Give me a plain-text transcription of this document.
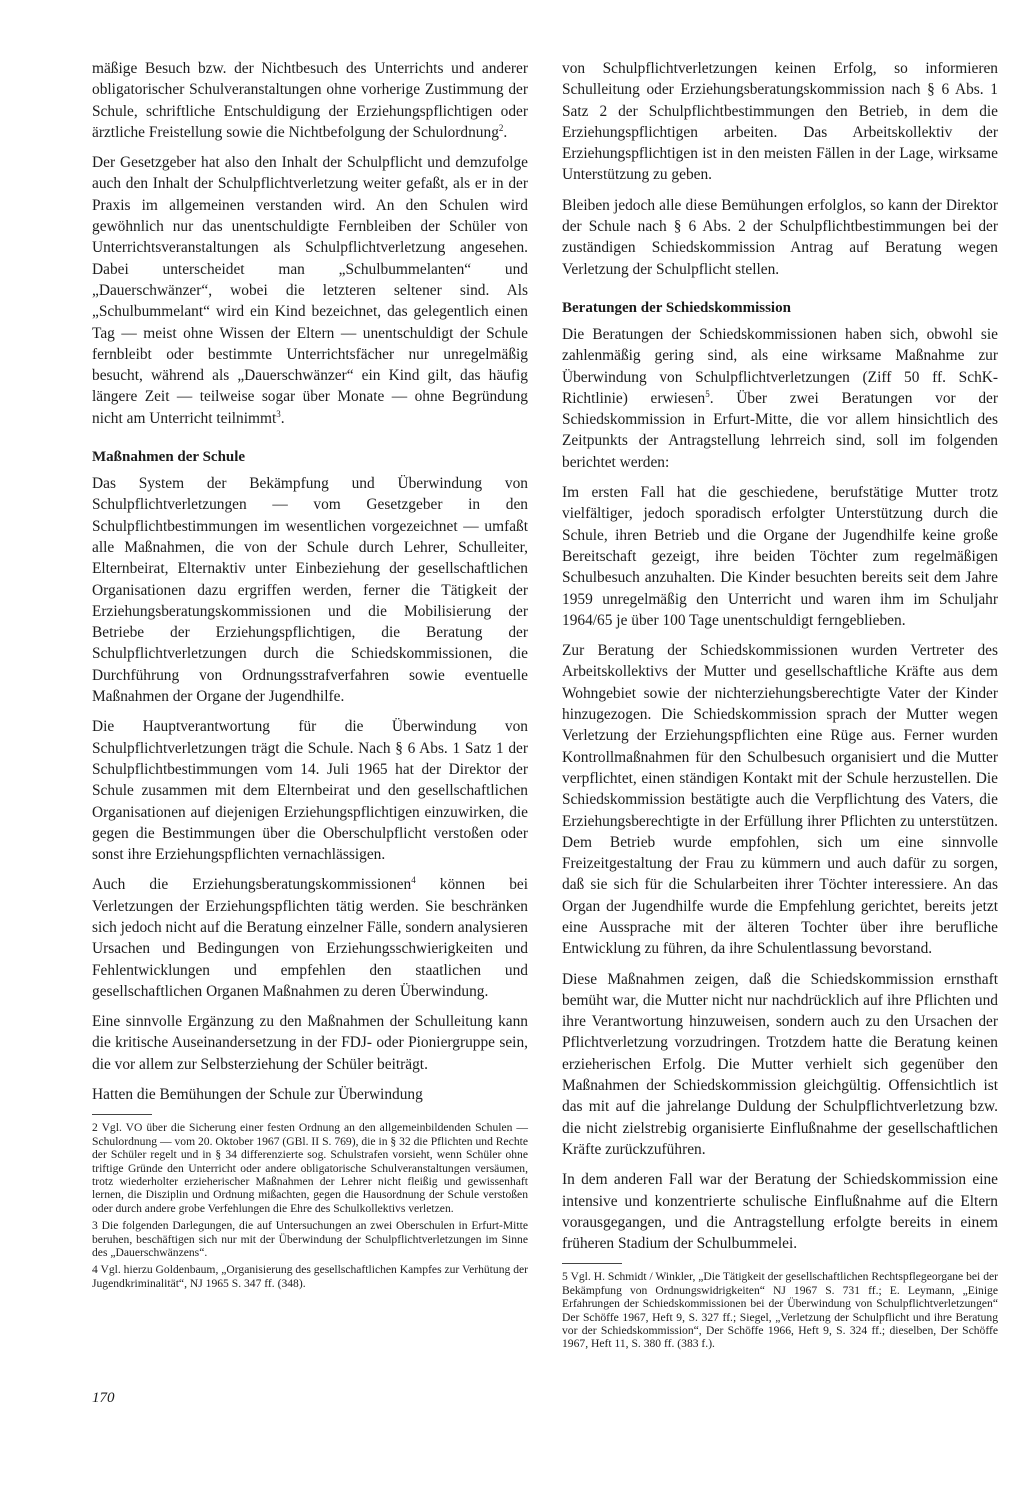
mäßige Besuch bzw. der Nichtbesuch des Unterrichts und anderer obligatorischer Schulveranstaltungen ohne vorherige Zustimmung der Schule, schriftliche Entschuldigung der Erziehungspflichtigen oder ärztliche Freistellung sowie die Nichtbefolgung der Schulordnung$^2$.

Der Gesetzgeber hat also den Inhalt der Schulpflicht und demzufolge auch den Inhalt der Schulpflichtverletzung weiter gefaßt, als er in der Praxis im allgemeinen verstanden wird. An den Schulen wird gewöhnlich nur das unentschuldigte Fernbleiben der Schüler von Unterrichtsveranstaltungen als Schulpflichtverletzung angesehen. Dabei unterscheidet man „Schulbummelanten“ und „Dauerschwänzer“, wobei die letzteren seltener sind. Als „Schulbummelant“ wird ein Kind bezeichnet, das gelegentlich einen Tag — meist ohne Wissen der Eltern — unentschuldigt der Schule fernbleibt oder bestimmte Unterrichtsfächer nur unregelmäßig besucht, während als „Dauerschwänzer“ ein Kind gilt, das häufig längere Zeit — teilweise sogar über Monate — ohne Begründung nicht am Unterricht teilnimmt$^3$.

Maßnahmen der Schule

Das System der Bekämpfung und Überwindung von Schulpflichtverletzungen — vom Gesetzgeber in den Schulpflichtbestimmungen im wesentlichen vorgezeichnet — umfaßt alle Maßnahmen, die von der Schule durch Lehrer, Schulleiter, Elternbeirat, Elternaktiv unter Einbeziehung der gesellschaftlichen Organisationen dazu ergriffen werden, ferner die Tätigkeit der Erziehungsberatungskommissionen und die Mobilisierung der Betriebe der Erziehungspflichtigen, die Beratung der Schulpflichtverletzungen durch die Schiedskommissionen, die Durchführung von Ordnungsstrafverfahren sowie eventuelle Maßnahmen der Organe der Jugendhilfe.

Die Hauptverantwortung für die Überwindung von Schulpflichtverletzungen trägt die Schule. Nach § 6 Abs. 1 Satz 1 der Schulpflichtbestimmungen vom 14. Juli 1965 hat der Direktor der Schule zusammen mit dem Elternbeirat und den gesellschaftlichen Organisationen auf diejenigen Erziehungspflichtigen einzuwirken, die gegen die Bestimmungen über die Oberschulpflicht verstoßen oder sonst ihre Erziehungspflichten vernachlässigen.

Auch die Erziehungsberatungskommissionen$^4$ können bei Verletzungen der Erziehungspflichten tätig werden. Sie beschränken sich jedoch nicht auf die Beratung einzelner Fälle, sondern analysieren Ursachen und Bedingungen von Erziehungsschwierigkeiten und Fehlentwicklungen und empfehlen den staatlichen und gesellschaftlichen Organen Maßnahmen zu deren Überwindung.

Eine sinnvolle Ergänzung zu den Maßnahmen der Schulleitung kann die kritische Auseinandersetzung in der FDJ- oder Pioniergruppe sein, die vor allem zur Selbsterziehung der Schüler beiträgt.

Hatten die Bemühungen der Schule zur Überwindung

2 Vgl. VO über die Sicherung einer festen Ordnung an den allgemeinbildenden Schulen — Schulordnung — vom 20. Oktober 1967 (GBl. II S. 769), die in § 32 die Pflichten und Rechte der Schüler regelt und in § 34 differenzierte sog. Schulstrafen vorsieht, wenn Schüler ohne triftige Gründe den Unterricht oder andere obligatorische Schulveranstaltungen versäumen, trotz wiederholter erzieherischer Maßnahmen der Lehrer nicht fleißig und gewissenhaft lernen, die Disziplin und Ordnung mißachten, gegen die Hausordnung der Schule verstoßen oder durch andere grobe Verfehlungen die Ehre des Schulkollektivs verletzen.

3 Die folgenden Darlegungen, die auf Untersuchungen an zwei Oberschulen in Erfurt-Mitte beruhen, beschäftigen sich nur mit der Überwindung der Schulpflichtverletzungen im Sinne des „Dauerschwänzens“.

4 Vgl. hierzu Goldenbaum, „Organisierung des gesellschaftlichen Kampfes zur Verhütung der Jugendkriminalität“, NJ 1965 S. 347 ff. (348).

von Schulpflichtverletzungen keinen Erfolg, so informieren Schulleitung oder Erziehungsberatungskommission nach § 6 Abs. 1 Satz 2 der Schulpflichtbestimmungen den Betrieb, in dem die Erziehungspflichtigen arbeiten. Das Arbeitskollektiv der Erziehungspflichtigen ist in den meisten Fällen in der Lage, wirksame Unterstützung zu geben.

Bleiben jedoch alle diese Bemühungen erfolglos, so kann der Direktor der Schule nach § 6 Abs. 2 der Schulpflichtbestimmungen bei der zuständigen Schiedskommission Antrag auf Beratung wegen Verletzung der Schulpflicht stellen.

Beratungen der Schiedskommission

Die Beratungen der Schiedskommissionen haben sich, obwohl sie zahlenmäßig gering sind, als eine wirksame Maßnahme zur Überwindung von Schulpflichtverletzungen (Ziff 50 ff. SchK-Richtlinie) erwiesen$^5$. Über zwei Beratungen vor der Schiedskommission in Erfurt-Mitte, die vor allem hinsichtlich des Zeitpunkts der Antragstellung lehrreich sind, soll im folgenden berichtet werden:

Im ersten Fall hat die geschiedene, berufstätige Mutter trotz vielfältiger, jedoch sporadisch erfolgter Unterstützung durch die Schule, ihren Betrieb und die Organe der Jugendhilfe keine große Bereitschaft gezeigt, ihre beiden Töchter zum regelmäßigen Schulbesuch anzuhalten. Die Kinder besuchten bereits seit dem Jahre 1959 unregelmäßig den Unterricht und waren ihm im Schuljahr 1964/65 je über 100 Tage unentschuldigt ferngeblieben.

Zur Beratung der Schiedskommissionen wurden Vertreter des Arbeitskollektivs der Mutter und gesellschaftliche Kräfte aus dem Wohngebiet sowie der nichterziehungsberechtigte Vater der Kinder hinzugezogen. Die Schiedskommission sprach der Mutter wegen Verletzung der Erziehungspflichten eine Rüge aus. Ferner wurden Kontrollmaßnahmen für den Schulbesuch organisiert und die Mutter verpflichtet, einen ständigen Kontakt mit der Schule herzustellen. Die Schiedskommission bestätigte auch die Verpflichtung des Vaters, die Erziehungsberechtigte in der Erfüllung ihrer Pflichten zu unterstützen. Dem Betrieb wurde empfohlen, sich um eine sinnvolle Freizeitgestaltung der Frau zu kümmern und auch dafür zu sorgen, daß sie sich für die Schularbeiten ihrer Töchter interessiere. An das Organ der Jugendhilfe wurde die Empfehlung gerichtet, bereits jetzt eine Aussprache mit der älteren Tochter über ihre berufliche Entwicklung zu führen, da ihre Schulentlassung bevorstand.

Diese Maßnahmen zeigen, daß die Schiedskommission ernsthaft bemüht war, die Mutter nicht nur nachdrücklich auf ihre Pflichten und ihre Verantwortung hinzuweisen, sondern auch zu den Ursachen der Pflichtverletzung vorzudringen. Trotzdem hatte die Beratung keinen erzieherischen Erfolg. Die Mutter verhielt sich gegenüber den Maßnahmen der Schiedskommission gleichgültig. Offensichtlich ist das mit auf die jahrelange Duldung der Schulpflichtverletzung bzw. die nicht zielstrebig organisierte Einflußnahme der gesellschaftlichen Kräfte zurückzuführen.

In dem anderen Fall war der Beratung der Schiedskommission eine intensive und konzentrierte schulische Einflußnahme auf die Eltern vorausgegangen, und die Antragstellung erfolgte bereits in einem früheren Stadium der Schulbummelei.

5 Vgl. H. Schmidt / Winkler, „Die Tätigkeit der gesellschaftlichen Rechtspflegeorgane bei der Bekämpfung von Ordnungswidrigkeiten“ NJ 1967 S. 731 ff.; E. Leymann, „Einige Erfahrungen der Schiedskommissionen bei der Überwindung von Schulpflichtverletzungen“ Der Schöffe 1967, Heft 9, S. 327 ff.; Siegel, „Verletzung der Schulpflicht und ihre Beratung vor der Schiedskommission“, Der Schöffe 1966, Heft 9, S. 324 ff.; dieselben, Der Schöffe 1967, Heft 11, S. 380 ff. (383 f.).

170
